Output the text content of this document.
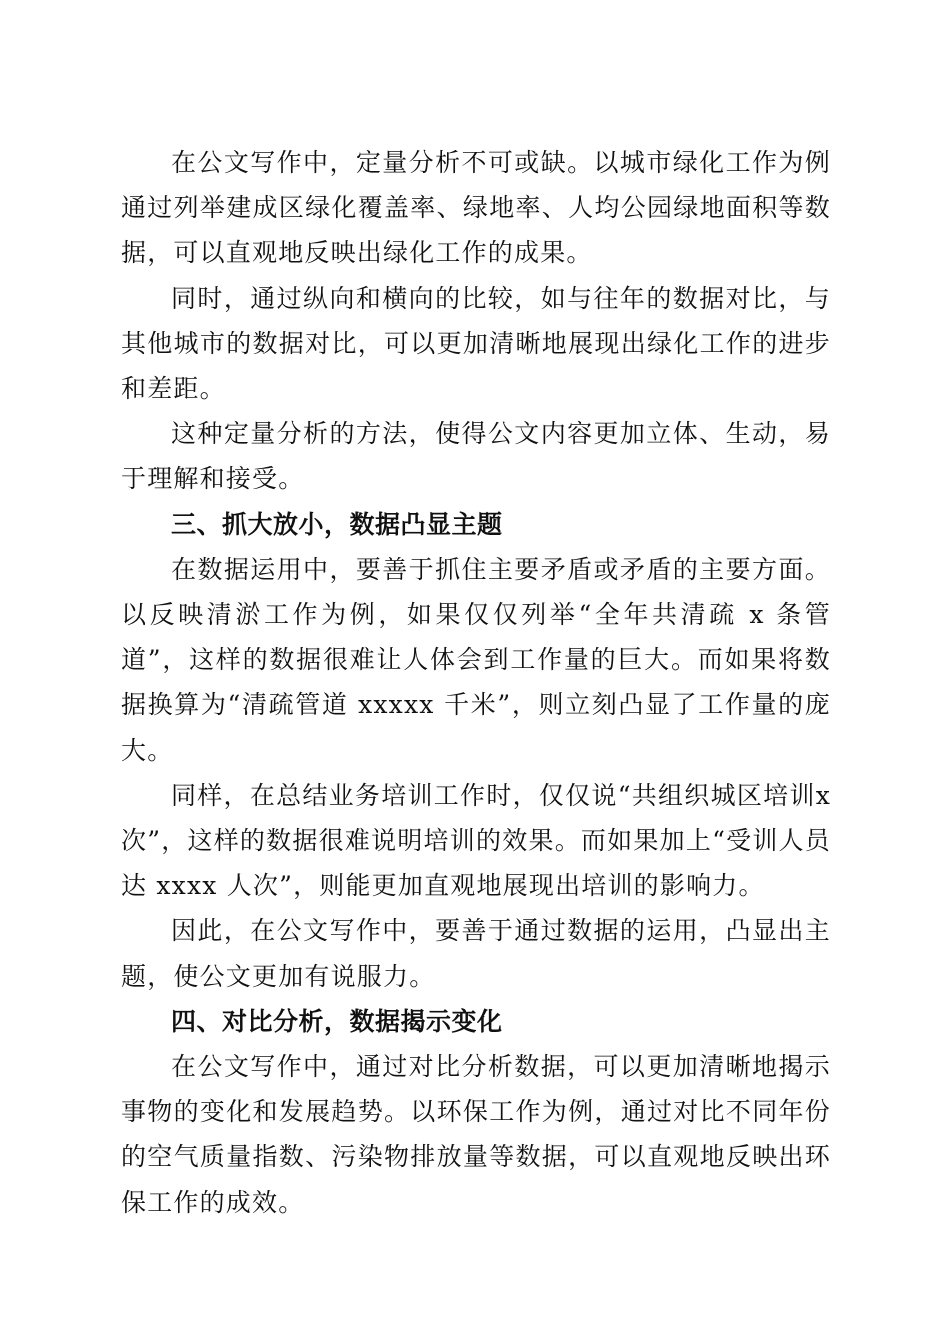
在公文写作中，定量分析不可或缺。以城市绿化工作为例通过列举建成区绿化覆盖率、绿地率、人均公园绿地面积等数据，可以直观地反映出绿化工作的成果。

同时，通过纵向和横向的比较，如与往年的数据对比，与其他城市的数据对比，可以更加清晰地展现出绿化工作的进步和差距。

这种定量分析的方法，使得公文内容更加立体、生动，易于理解和接受。

三、抓大放小，数据凸显主题

在数据运用中，要善于抓住主要矛盾或矛盾的主要方面。以反映清淤工作为例，如果仅仅列举“全年共清疏 x 条管道”，这样的数据很难让人体会到工作量的巨大。而如果将数据换算为“清疏管道 xxxxx 千米”，则立刻凸显了工作量的庞大。

同样，在总结业务培训工作时，仅仅说“共组织城区培训x 次”，这样的数据很难说明培训的效果。而如果加上“受训人员达 xxxx 人次”，则能更加直观地展现出培训的影响力。

因此，在公文写作中，要善于通过数据的运用，凸显出主题，使公文更加有说服力。

四、对比分析，数据揭示变化

在公文写作中，通过对比分析数据，可以更加清晰地揭示事物的变化和发展趋势。以环保工作为例，通过对比不同年份的空气质量指数、污染物排放量等数据，可以直观地反映出环保工作的成效。
